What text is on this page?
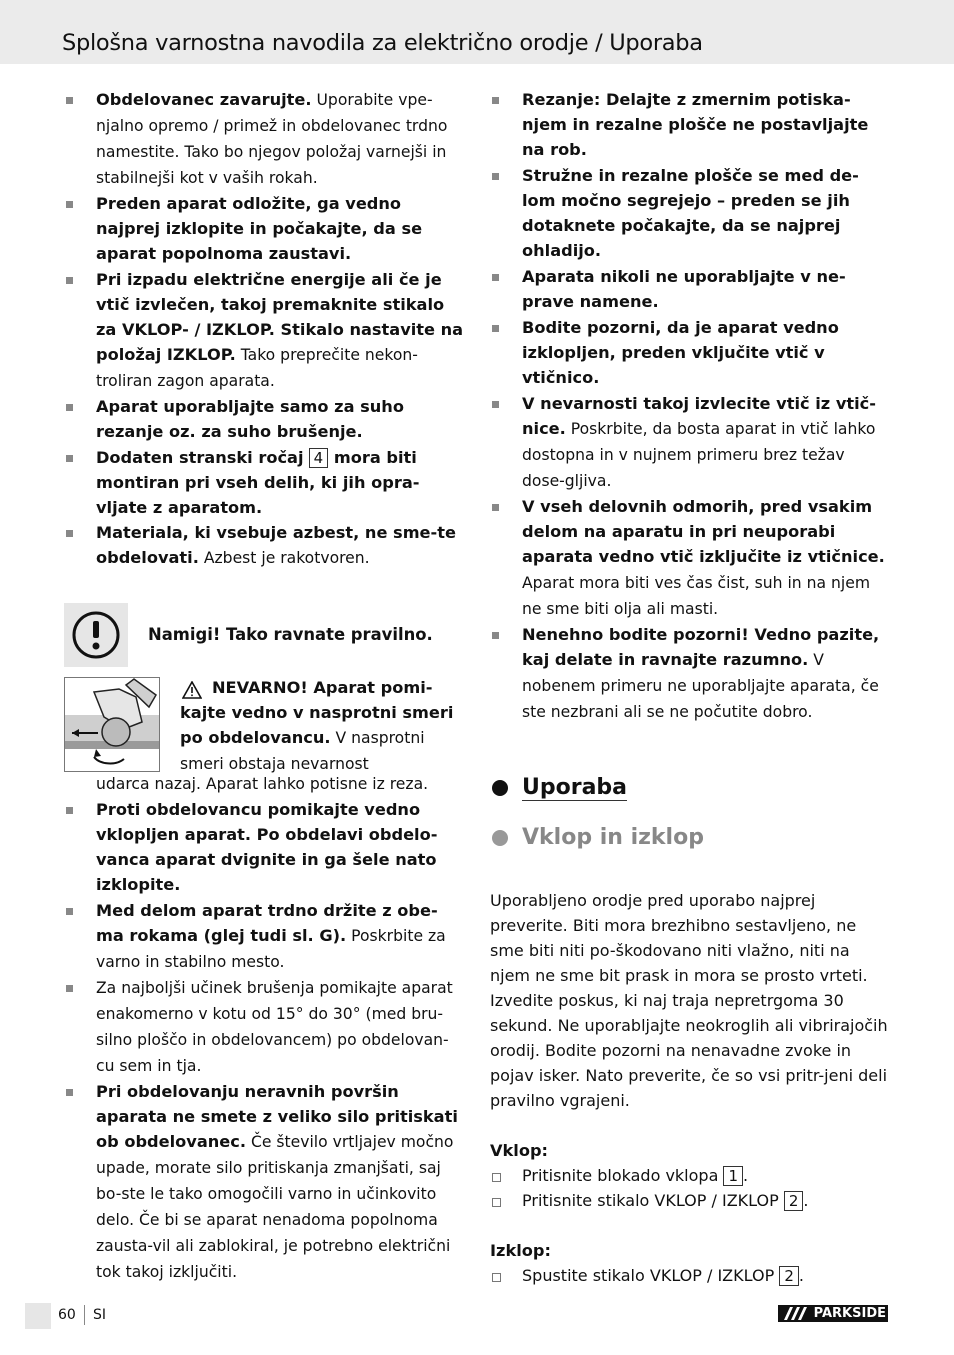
Splošna varnostna navodila za električno orodje / Uporaba

Obdelovanec zavarujte. Uporabite vpe-njalno opremo / primež in obdelovanec trdno namestite. Tako bo njegov položaj varnejši in stabilnejši kot v vaših rokah.

Preden aparat odložite, ga vedno najprej izklopite in počakajte, da se aparat popolnoma zaustavi.

Pri izpadu električne energije ali če je vtič izvlečen, takoj premaknite stikalo za VKLOP- / IZKLOP. Stikalo nastavite na položaj IZKLOP. Tako preprečite nekon-troliran zagon aparata.

Aparat uporabljajte samo za suho rezanje oz. za suho brušenje.

Dodaten stranski ročaj 4 mora biti montiran pri vseh delih, ki jih opra-vljate z aparatom.

Materiala, ki vsebuje azbest, ne sme-te obdelovati. Azbest je rakotvoren.

Namigi! Tako ravnate pravilno.
NEVARNO! Aparat pomi-kajte vedno v nasprotni smeri po obdelovancu. V nasprotni smeri obstaja nevarnost
udarca nazaj. Aparat lahko potisne iz reza.

Proti obdelovancu pomikajte vedno vklopljen aparat. Po obdelavi obdelo-vanca aparat dvignite in ga šele nato izklopite.

Med delom aparat trdno držite z obe-ma rokama (glej tudi sl. G). Poskrbite za varno in stabilno mesto.

Za najboljši učinek brušenja pomikajte aparat enakomerno v kotu od 15° do 30° (med bru-silno ploščo in obdelovancem) po obdelovan-cu sem in tja.

Pri obdelovanju neravnih površin aparata ne smete z veliko silo pritiskati ob obdelovanec. Če število vrtljajev močno upade, morate silo pritiskanja zmanjšati, saj bo-ste le tako omogočili varno in učinkovito delo. Če bi se aparat nenadoma popolnoma zausta-vil ali zablokiral, je potrebno električni tok takoj izključiti.

Rezanje: Delajte z zmernim potiska-njem in rezalne plošče ne postavljajte na rob.

Stružne in rezalne plošče se med de-lom močno segrejejo – preden se jih dotaknete počakajte, da se najprej ohladijo.

Aparata nikoli ne uporabljajte v ne-prave namene.

Bodite pozorni, da je aparat vedno izklopljen, preden vključite vtič v vtičnico.

V nevarnosti takoj izvlecite vtič iz vtič-nice. Poskrbite, da bosta aparat in vtič lahko dostopna in v nujnem primeru brez težav dose-gljiva.

V vseh delovnih odmorih, pred vsakim delom na aparatu in pri neuporabi aparata vedno vtič izključite iz vtičnice. Aparat mora biti ves čas čist, suh in na njem ne sme biti olja ali masti.

Nenehno bodite pozorni! Vedno pazite, kaj delate in ravnajte razumno. V nobenem primeru ne uporabljajte aparata, če ste nezbrani ali se ne počutite dobro.

Uporaba
Vklop in izklop

Uporabljeno orodje pred uporabo najprej preverite. Biti mora brezhibno sestavljeno, ne sme biti niti po-škodovano niti vlažno, niti na njem ne sme bit prask in mora se prosto vrteti. Izvedite poskus, ki naj traja nepretrgoma 30 sekund. Ne uporabljajte neokroglih ali vibrirajočih orodij. Bodite pozorni na nenavadne zvoke in pojav isker. Nato preverite, če so vsi pritr-jeni deli pravilno vgrajeni.

Vklop:

Pritisnite blokado vklopa 1 .

Pritisnite stikalo VKLOP / IZKLOP 2 .

Izklop:

Spustite stikalo VKLOP / IZKLOP 2 .

60 SI	PARKSIDE
